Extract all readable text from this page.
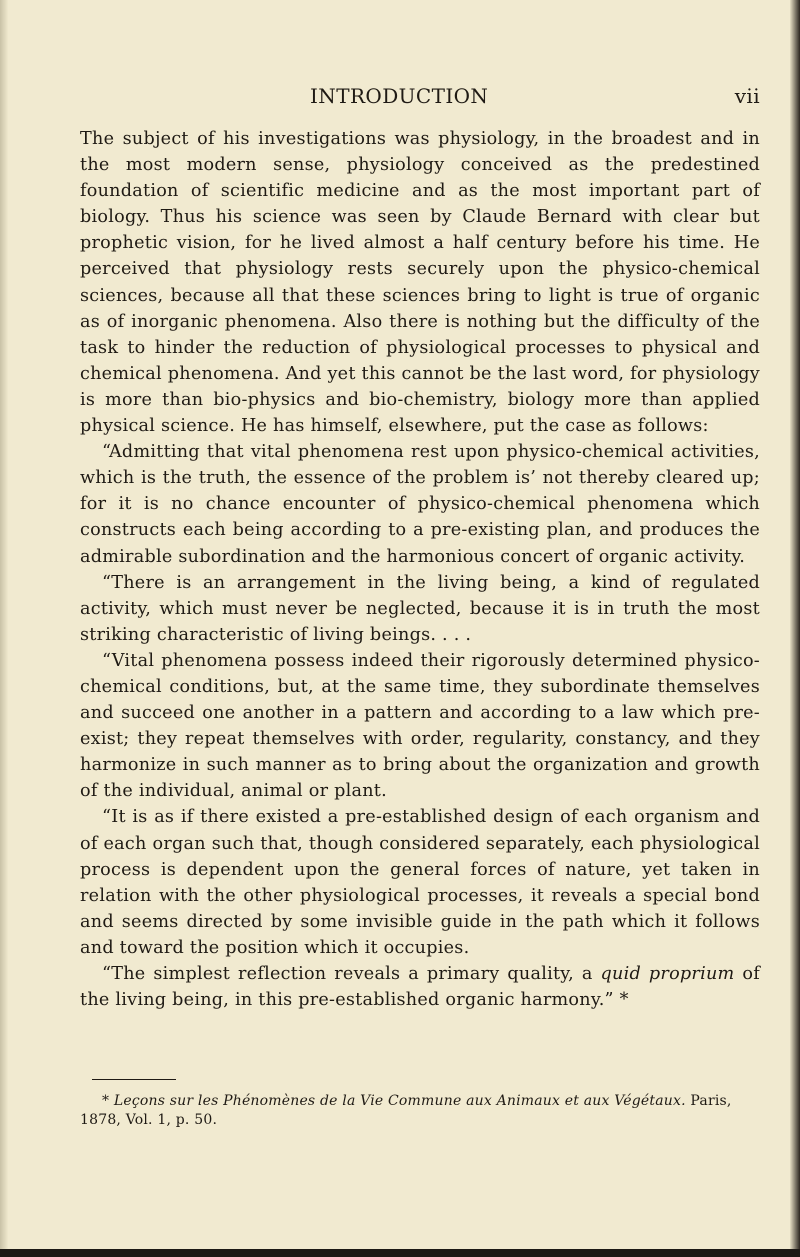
INTRODUCTION	vii

The subject of his investigations was physiology, in the broadest and in the most modern sense, physiology conceived as the predestined foundation of scientific medicine and as the most important part of biology. Thus his science was seen by Claude Bernard with clear but prophetic vision, for he lived almost a half century before his time. He perceived that physiology rests securely upon the physico-chemical sciences, because all that these sciences bring to light is true of organic as of inorganic phenomena. Also there is nothing but the difficulty of the task to hinder the reduction of physiological processes to physical and chemical phenomena. And yet this cannot be the last word, for physiology is more than bio-physics and bio-chemistry, biology more than applied physical science. He has himself, elsewhere, put the case as follows:

“Admitting that vital phenomena rest upon physico-chemical activities, which is the truth, the essence of the problem is’ not thereby cleared up; for it is no chance encounter of physico-chemical phenomena which constructs each being according to a pre-existing plan, and produces the admirable subordination and the harmonious concert of organic activity.

“There is an arrangement in the living being, a kind of regulated activity, which must never be neglected, because it is in truth the most striking characteristic of living beings. . . .

“Vital phenomena possess indeed their rigorously determined physico-chemical conditions, but, at the same time, they subordinate themselves and succeed one another in a pattern and according to a law which pre-exist; they repeat themselves with order, regularity, constancy, and they harmonize in such manner as to bring about the organization and growth of the individual, animal or plant.

“It is as if there existed a pre-established design of each organism and of each organ such that, though considered separately, each physiological process is dependent upon the general forces of nature, yet taken in relation with the other physiological processes, it reveals a special bond and seems directed by some invisible guide in the path which it follows and toward the position which it occupies.

“The simplest reflection reveals a primary quality, a quid proprium of the living being, in this pre-established organic harmony.” *

* Leçons sur les Phénomènes de la Vie Commune aux Animaux et aux Végétaux. Paris, 1878, Vol. 1, p. 50.
